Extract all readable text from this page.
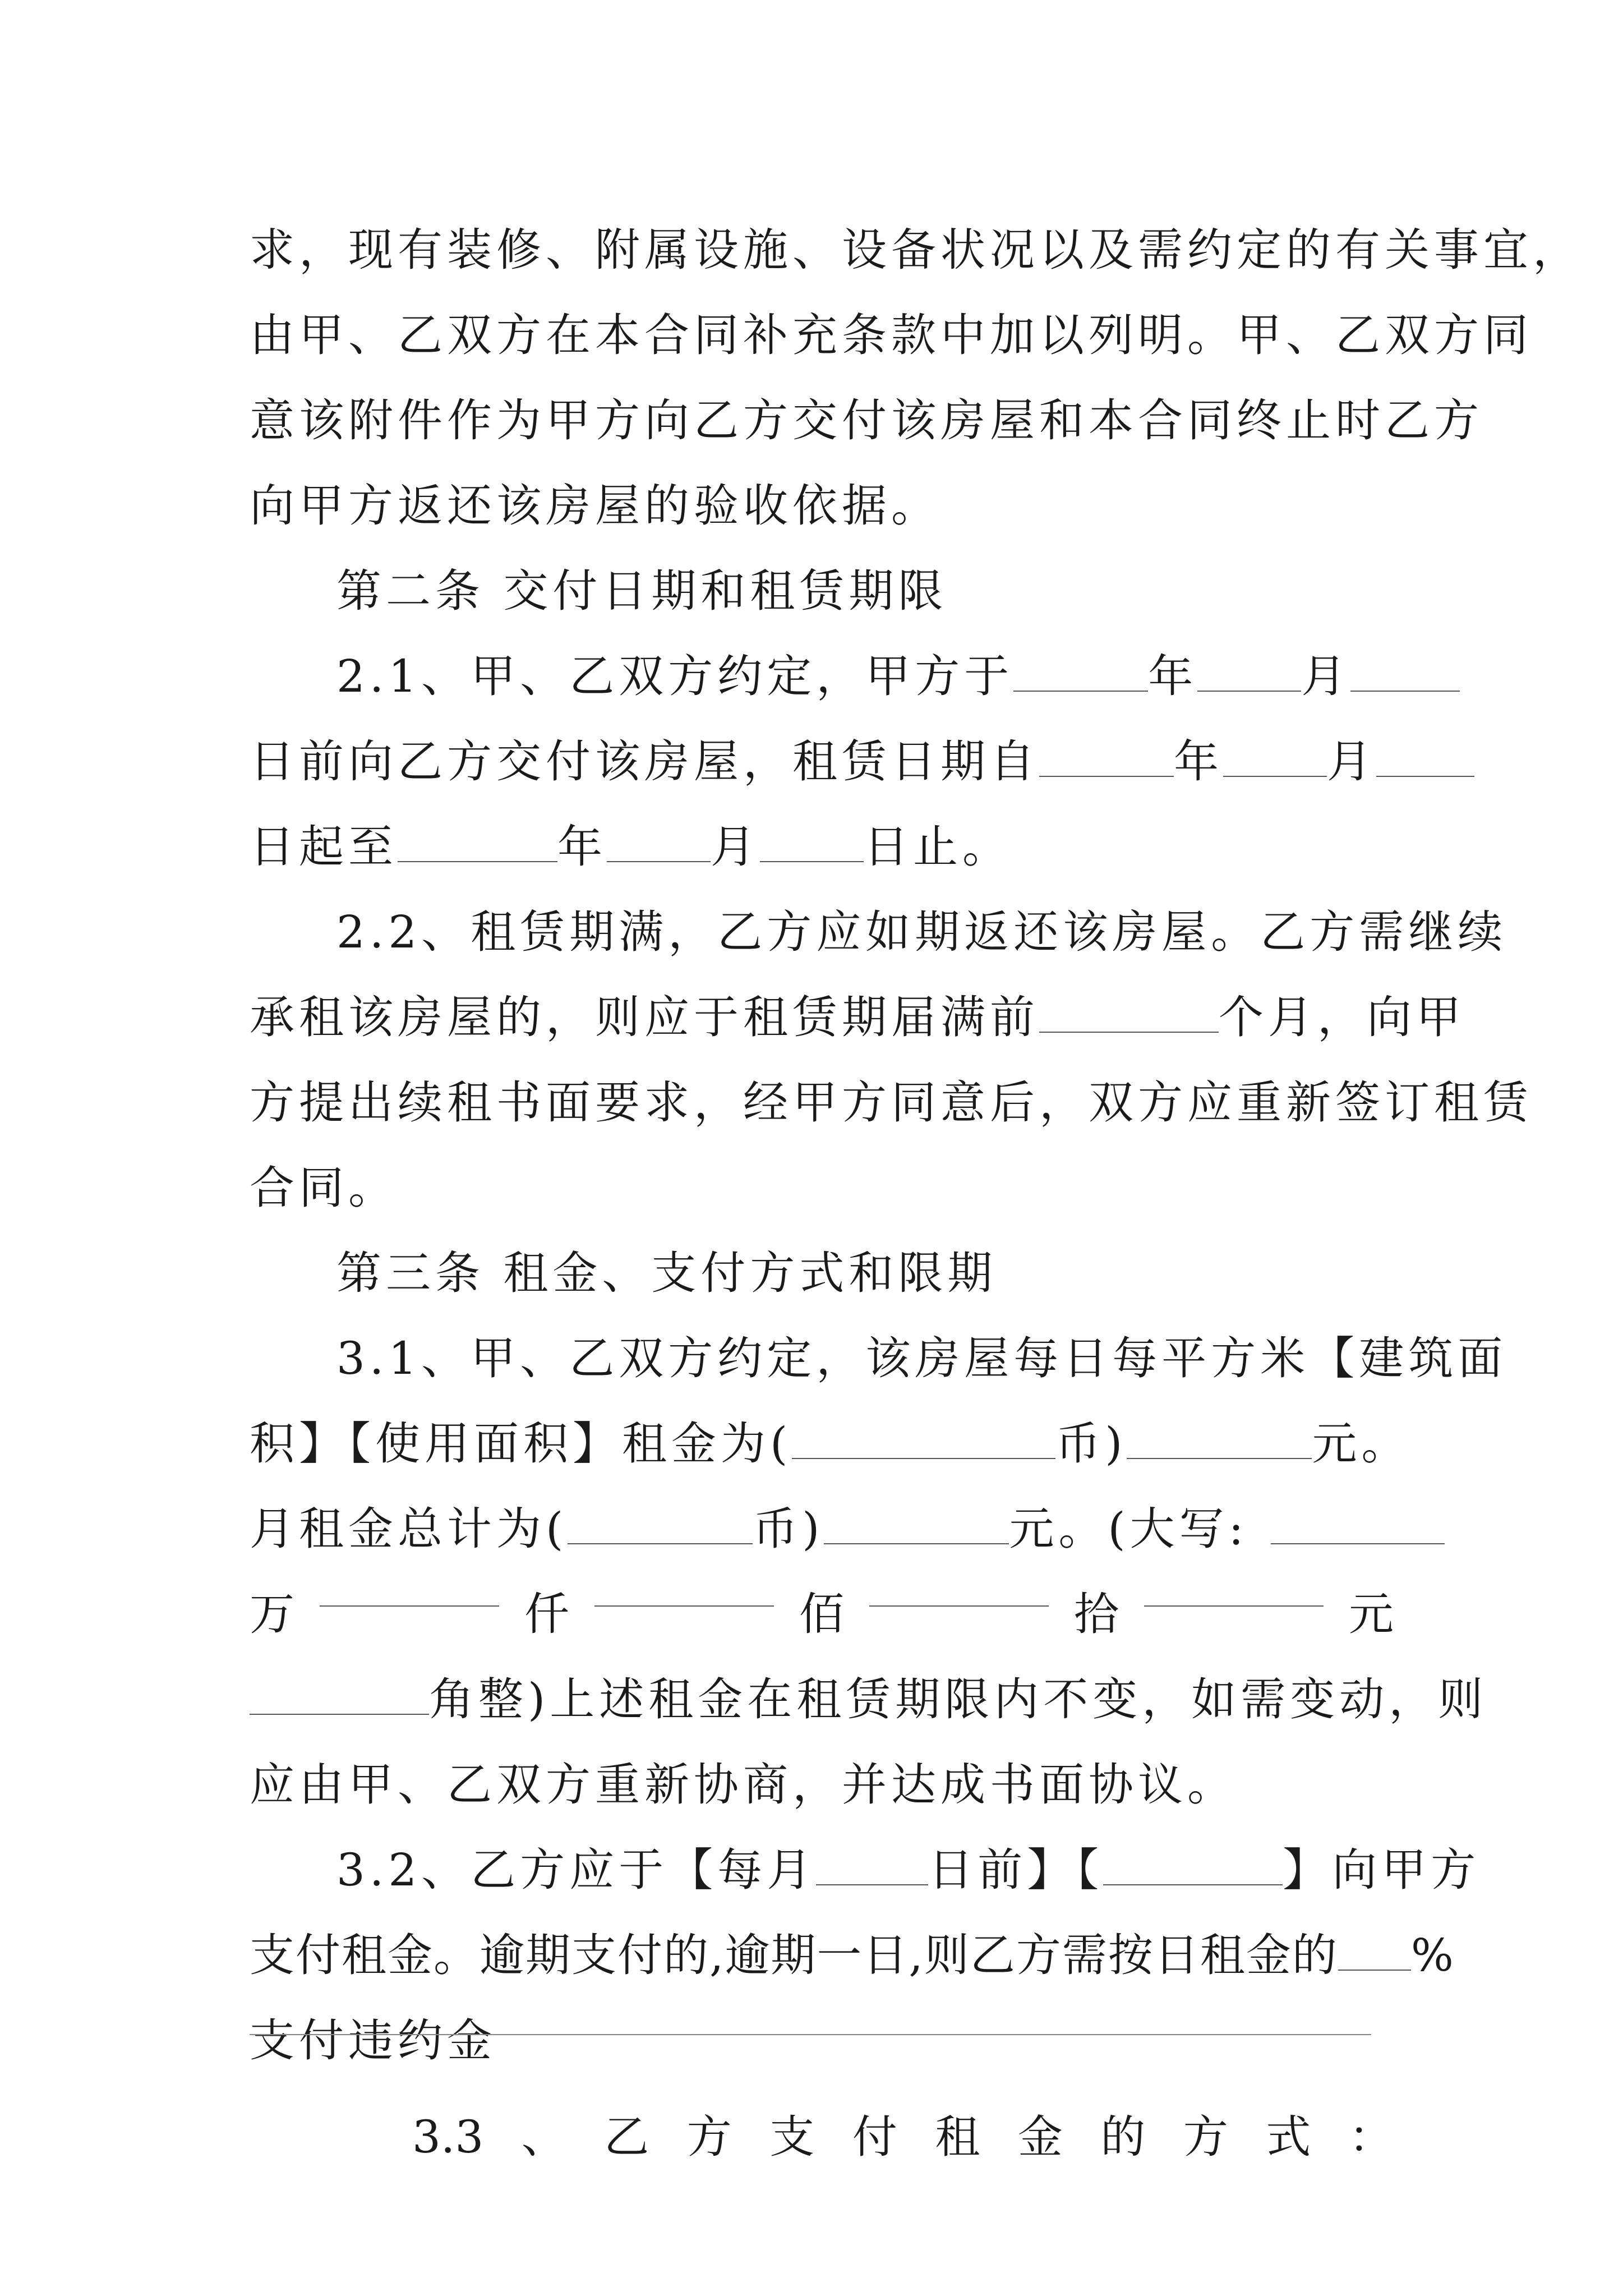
求，现有装修、附属设施、设备状况以及需约定的有关事宜，
由甲、乙双方在本合同补充条款中加以列明。甲、乙双方同
意该附件作为甲方向乙方交付该房屋和本合同终止时乙方
向甲方返还该房屋的验收依据。
第二条 交付日期和租赁期限
2.1、甲、乙双方约定，甲方于	年 月
日前向乙方交付该房屋，租赁日期自	年 月
日起至	年 月 日止。
2.2、租赁期满，乙方应如期返还该房屋。乙方需继续
承租该房屋的，则应于租赁期届满前	个月，向甲
方提出续租书面要求，经甲方同意后，双方应重新签订租赁
合同。
第三条 租金、支付方式和限期
3.1、甲、乙双方约定，该房屋每日每平方米【建筑面
积】【使用面积】租金为(	币)	元。
月租金总计为(	币)	元。(大写:
万	仟	佰	拾	元
角整)上述租金在租赁期限内不变，如需变动，则
应由甲、乙双方重新协商，并达成书面协议。
3.2、乙方应于【每月	日前】【	】向甲方
支付租金。逾期支付的,逾期一日,则乙方需按日租金的 %
支付违约金
3.3 、 乙 方 支 付 租 金 的 方 式 ：
